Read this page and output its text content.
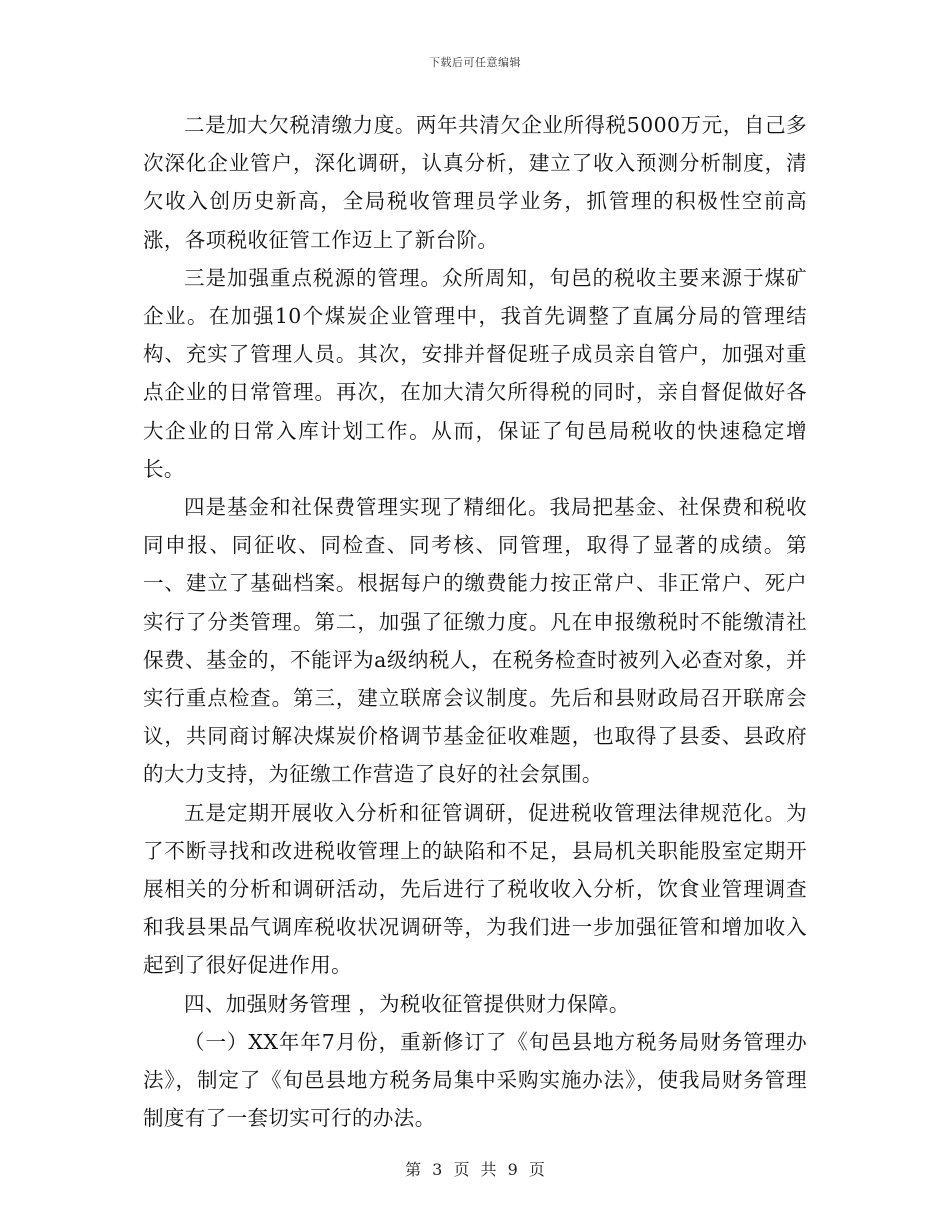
下载后可任意编辑

二是加大欠税清缴力度。两年共清欠企业所得税5000万元，自己多次深化企业管户，深化调研，认真分析，建立了收入预测分析制度，清欠收入创历史新高，全局税收管理员学业务，抓管理的积极性空前高涨，各项税收征管工作迈上了新台阶。

三是加强重点税源的管理。众所周知，旬邑的税收主要来源于煤矿企业。在加强10个煤炭企业管理中，我首先调整了直属分局的管理结构、充实了管理人员。其次，安排并督促班子成员亲自管户，加强对重点企业的日常管理。再次，在加大清欠所得税的同时，亲自督促做好各大企业的日常入库计划工作。从而，保证了旬邑局税收的快速稳定增长。

四是基金和社保费管理实现了精细化。我局把基金、社保费和税收同申报、同征收、同检查、同考核、同管理，取得了显著的成绩。第一、建立了基础档案。根据每户的缴费能力按正常户、非正常户、死户实行了分类管理。第二，加强了征缴力度。凡在申报缴税时不能缴清社保费、基金的，不能评为a级纳税人，在税务检查时被列入必查对象，并实行重点检查。第三，建立联席会议制度。先后和县财政局召开联席会议，共同商讨解决煤炭价格调节基金征收难题，也取得了县委、县政府的大力支持，为征缴工作营造了良好的社会氛围。

五是定期开展收入分析和征管调研，促进税收管理法律规范化。为了不断寻找和改进税收管理上的缺陷和不足，县局机关职能股室定期开展相关的分析和调研活动，先后进行了税收收入分析，饮食业管理调查和我县果品气调库税收状况调研等，为我们进一步加强征管和增加收入起到了很好促进作用。

四、加强财务管理 ，为税收征管提供财力保障。

（一）XX年年7月份，重新修订了《旬邑县地方税务局财务管理办法》，制定了《旬邑县地方税务局集中采购实施办法》，使我局财务管理制度有了一套切实可行的办法。

第 3 页 共 9 页
